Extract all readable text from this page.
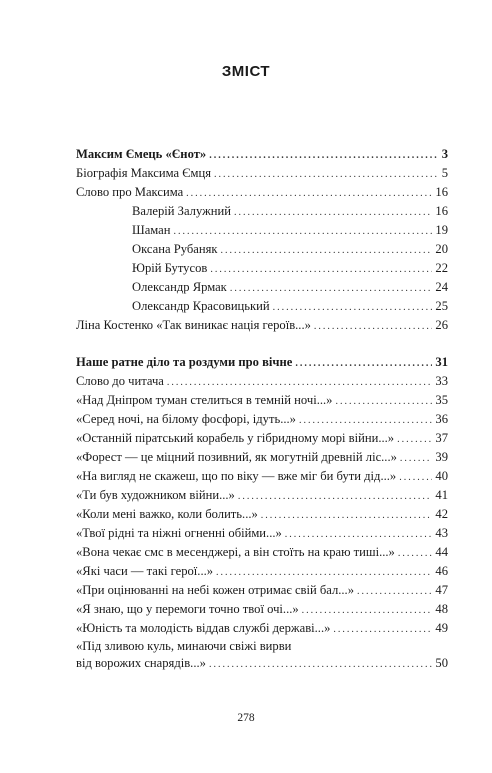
ЗМІСТ
Максим Ємець «Єнот» .....	3
Біографія Максима Ємця .....	5
Слово про Максима .....	16
Валерій Залужний .....	16
Шаман .....	19
Оксана Рубаняк .....	20
Юрій Бутусов .....	22
Олександр Ярмак .....	24
Олександр Красовицький .....	25
Ліна Костенко «Так виникає нація героїв...» .....	26
Наше ратне діло та роздуми про вічне .....	31
Слово до читача .....	33
«Над Дніпром туман стелиться в темній ночі...» .....	35
«Серед ночі, на білому фосфорі, ідуть...» .....	36
«Останній піратський корабель у гібридному морі війни...» .....	37
«Форест — це міцний позивний, як могутній древній ліс...» .....	39
«На вигляд не скажеш, що по віку — вже міг би бути дід...» .....	40
«Ти був художником війни...» .....	41
«Коли мені важко, коли болить...» .....	42
«Твої рідні та ніжні огненні обійми...» .....	43
«Вона чекає смс в месенджері, а він стоїть на краю тиші...» .....	44
«Які часи — такі герої...» .....	46
«При оцінюванні на небі кожен отримає свій бал...» .....	47
«Я знаю, що у перемоги точно твої очі...» .....	48
«Юність та молодість віддав службі державі...» .....	49
«Під зливою куль, минаючи свіжі вирви
від ворожих снарядів...» .....	50
278
